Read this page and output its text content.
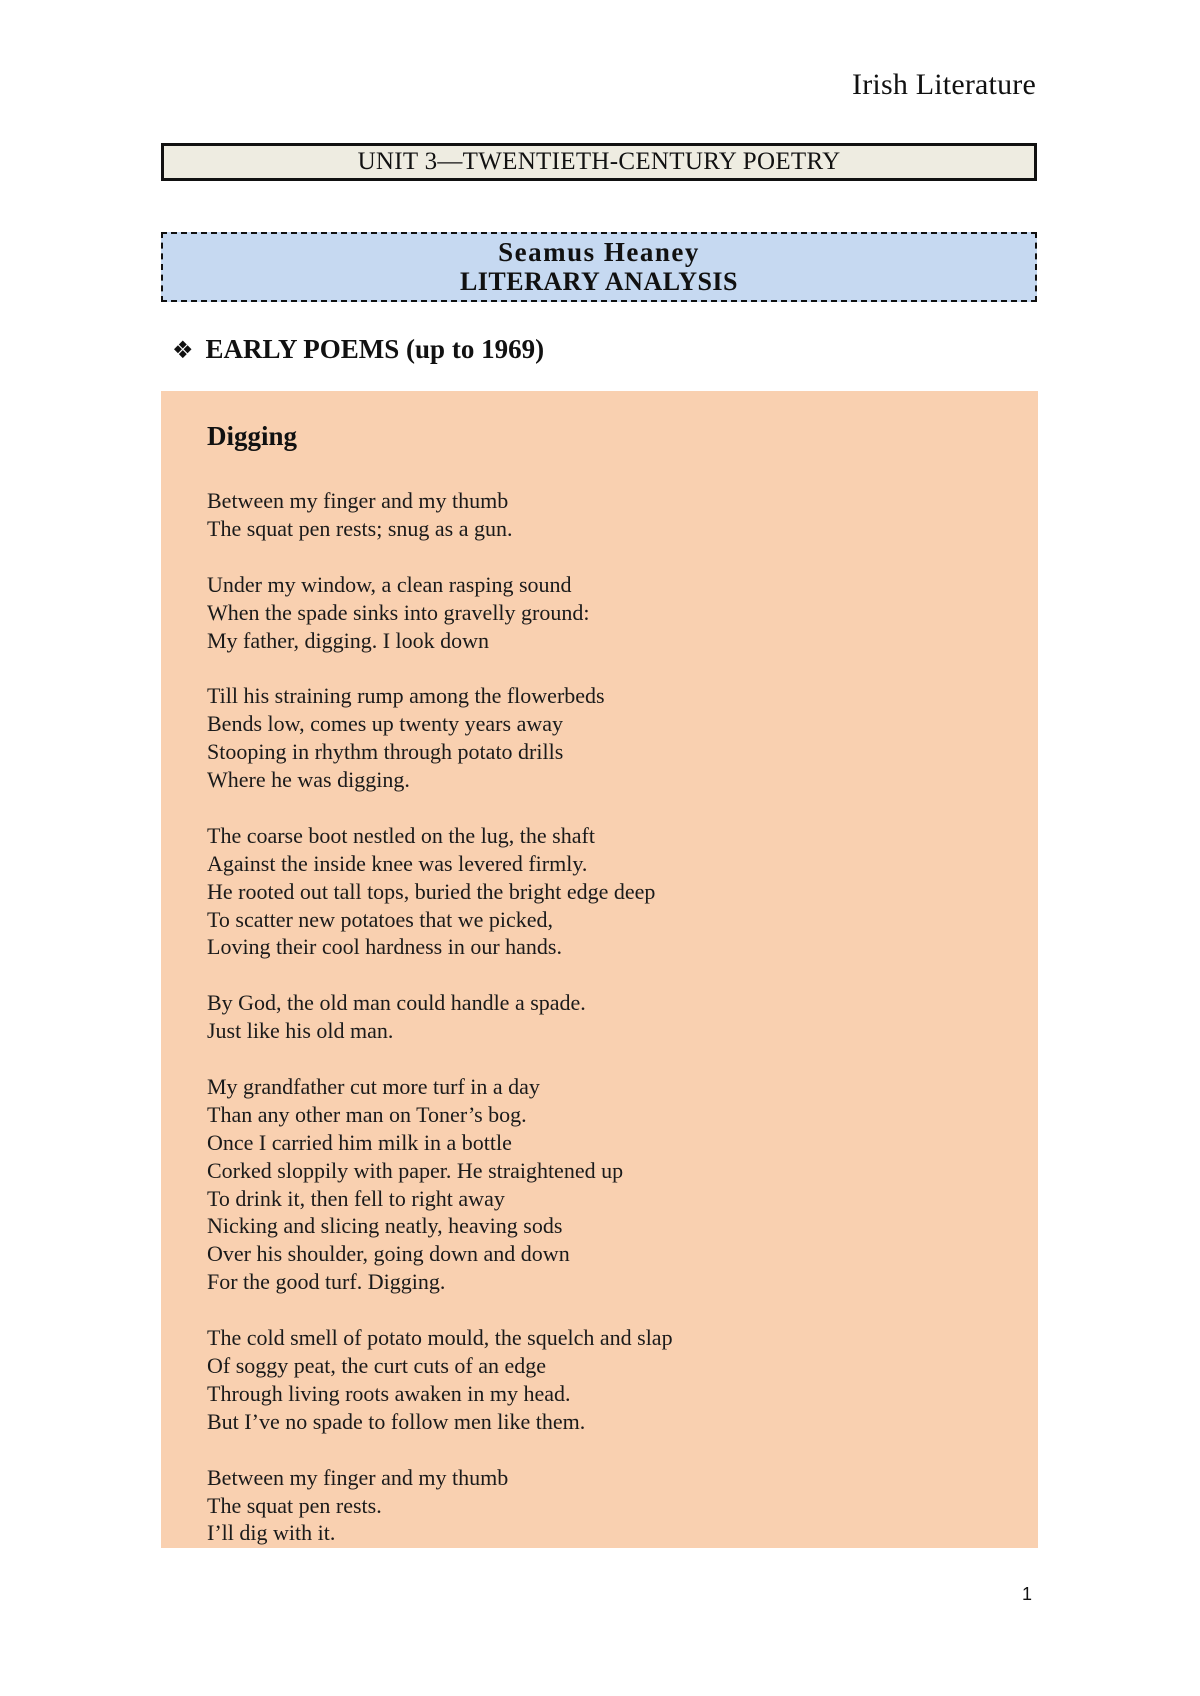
Irish Literature
UNIT 3—TWENTIETH-CENTURY POETRY
Seamus Heaney
LITERARY ANALYSIS
❖ EARLY POEMS (up to 1969)
Digging
Between my finger and my thumb
The squat pen rests; snug as a gun.
Under my window, a clean rasping sound
When the spade sinks into gravelly ground:
My father, digging. I look down
Till his straining rump among the flowerbeds
Bends low, comes up twenty years away
Stooping in rhythm through potato drills
Where he was digging.
The coarse boot nestled on the lug, the shaft
Against the inside knee was levered firmly.
He rooted out tall tops, buried the bright edge deep
To scatter new potatoes that we picked,
Loving their cool hardness in our hands.
By God, the old man could handle a spade.
Just like his old man.
My grandfather cut more turf in a day
Than any other man on Toner’s bog.
Once I carried him milk in a bottle
Corked sloppily with paper. He straightened up
To drink it, then fell to right away
Nicking and slicing neatly, heaving sods
Over his shoulder, going down and down
For the good turf. Digging.
The cold smell of potato mould, the squelch and slap
Of soggy peat, the curt cuts of an edge
Through living roots awaken in my head.
But I’ve no spade to follow men like them.
Between my finger and my thumb
The squat pen rests.
I’ll dig with it.
1
